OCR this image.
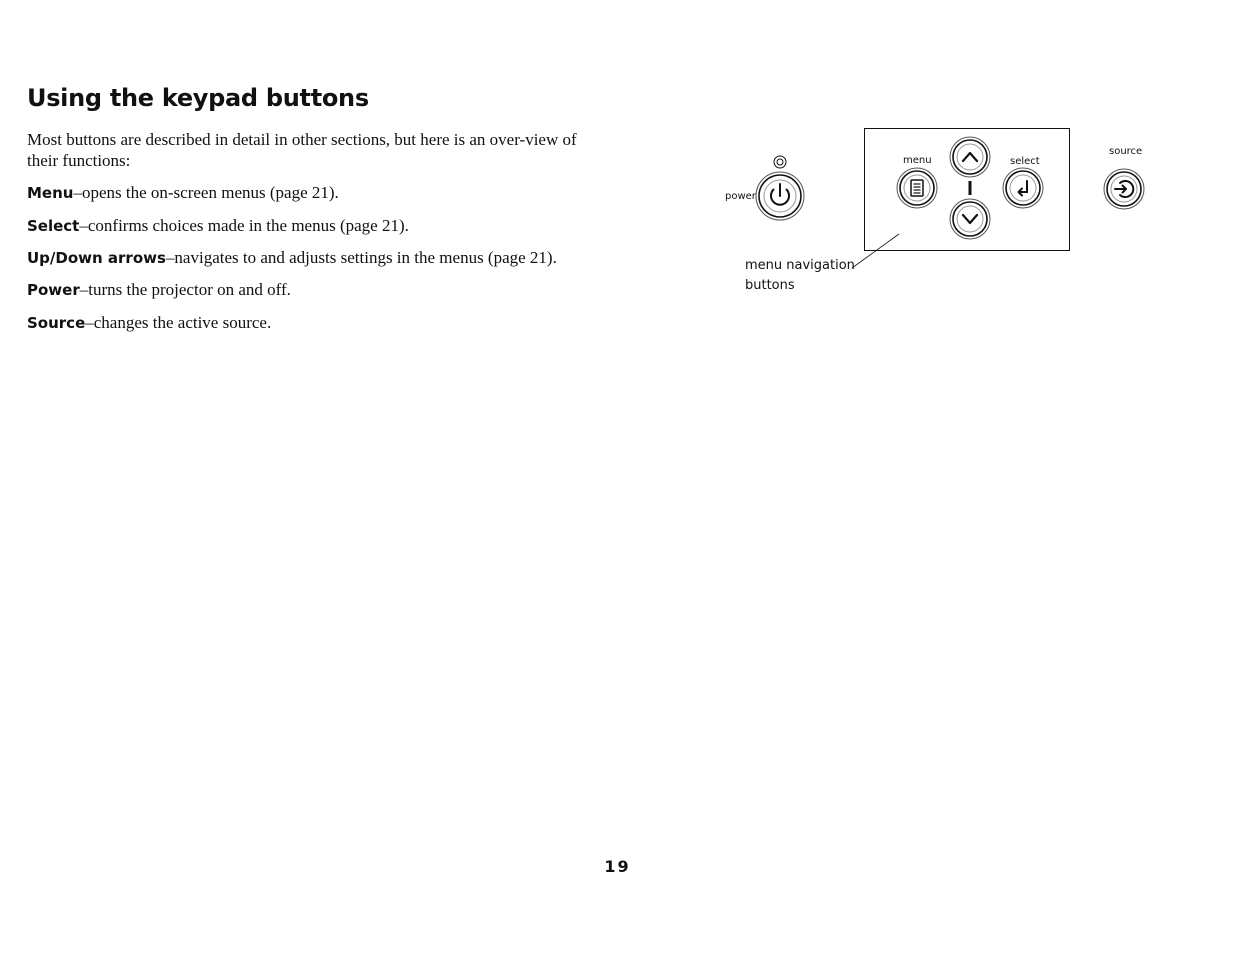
Using the keypad buttons

Most buttons are described in detail in other sections, but here is an over-view of their functions:

Menu–opens the on-screen menus (page 21).

Select–confirms choices made in the menus (page 21).

Up/Down arrows–navigates to and adjusts settings in the menus (page 21).

Power–turns the projector on and off.

Source–changes the active source.

power
menu	select
source
menu navigation
buttons
19
